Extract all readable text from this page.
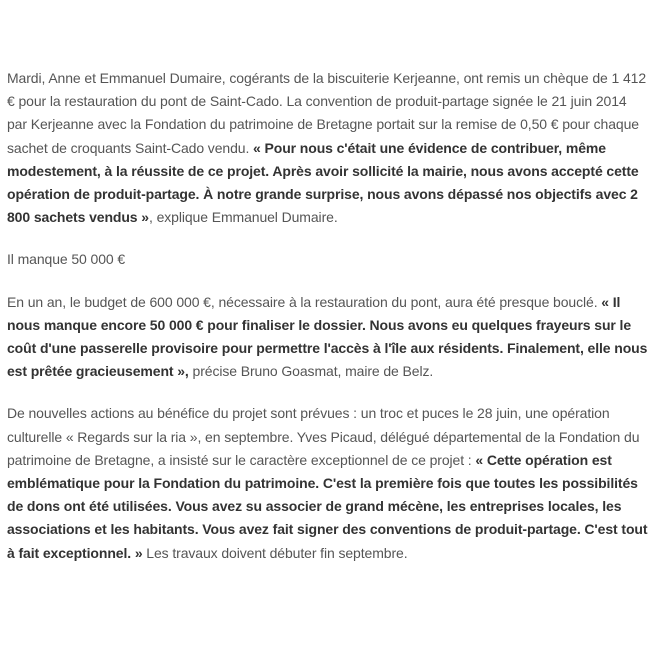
Mardi, Anne et Emmanuel Dumaire, cogérants de la biscuiterie Kerjeanne, ont remis un chèque de 1 412 € pour la restauration du pont de Saint-Cado. La convention de produit-partage signée le 21 juin 2014 par Kerjeanne avec la Fondation du patrimoine de Bretagne portait sur la remise de 0,50 € pour chaque sachet de croquants Saint-Cado vendu. « Pour nous c'était une évidence de contribuer, même modestement, à la réussite de ce projet. Après avoir sollicité la mairie, nous avons accepté cette opération de produit-partage. À notre grande surprise, nous avons dépassé nos objectifs avec 2 800 sachets vendus », explique Emmanuel Dumaire.

Il manque 50 000 €

En un an, le budget de 600 000 €, nécessaire à la restauration du pont, aura été presque bouclé. « Il nous manque encore 50 000 € pour finaliser le dossier. Nous avons eu quelques frayeurs sur le coût d'une passerelle provisoire pour permettre l'accès à l'île aux résidents. Finalement, elle nous est prêtée gracieusement », précise Bruno Goasmat, maire de Belz.

De nouvelles actions au bénéfice du projet sont prévues : un troc et puces le 28 juin, une opération culturelle « Regards sur la ria », en septembre. Yves Picaud, délégué départemental de la Fondation du patrimoine de Bretagne, a insisté sur le caractère exceptionnel de ce projet : « Cette opération est emblématique pour la Fondation du patrimoine. C'est la première fois que toutes les possibilités de dons ont été utilisées. Vous avez su associer de grand mécène, les entreprises locales, les associations et les habitants. Vous avez fait signer des conventions de produit-partage. C'est tout à fait exceptionnel. » Les travaux doivent débuter fin septembre.
